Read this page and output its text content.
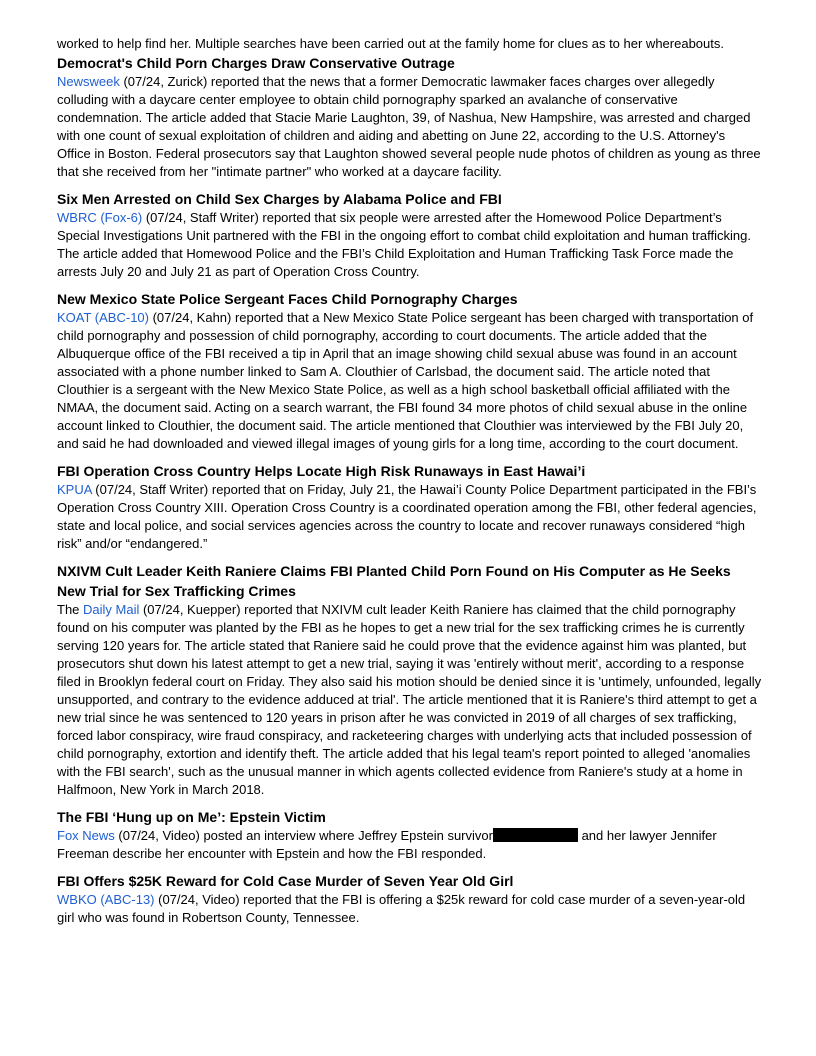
worked to help find her. Multiple searches have been carried out at the family home for clues as to her whereabouts.

Democrat's Child Porn Charges Draw Conservative Outrage

Newsweek (07/24, Zurick) reported that the news that a former Democratic lawmaker faces charges over allegedly colluding with a daycare center employee to obtain child pornography sparked an avalanche of conservative condemnation. The article added that Stacie Marie Laughton, 39, of Nashua, New Hampshire, was arrested and charged with one count of sexual exploitation of children and aiding and abetting on June 22, according to the U.S. Attorney's Office in Boston. Federal prosecutors say that Laughton showed several people nude photos of children as young as three that she received from her "intimate partner" who worked at a daycare facility.

Six Men Arrested on Child Sex Charges by Alabama Police and FBI

WBRC (Fox-6) (07/24, Staff Writer) reported that six people were arrested after the Homewood Police Department’s Special Investigations Unit partnered with the FBI in the ongoing effort to combat child exploitation and human trafficking. The article added that Homewood Police and the FBI’s Child Exploitation and Human Trafficking Task Force made the arrests July 20 and July 21 as part of Operation Cross Country.

New Mexico State Police Sergeant Faces Child Pornography Charges

KOAT (ABC-10) (07/24, Kahn) reported that a New Mexico State Police sergeant has been charged with transportation of child pornography and possession of child pornography, according to court documents. The article added that the Albuquerque office of the FBI received a tip in April that an image showing child sexual abuse was found in an account associated with a phone number linked to Sam A. Clouthier of Carlsbad, the document said. The article noted that Clouthier is a sergeant with the New Mexico State Police, as well as a high school basketball official affiliated with the NMAA, the document said. Acting on a search warrant, the FBI found 34 more photos of child sexual abuse in the online account linked to Clouthier, the document said. The article mentioned that Clouthier was interviewed by the FBI July 20, and said he had downloaded and viewed illegal images of young girls for a long time, according to the court document.

FBI Operation Cross Country Helps Locate High Risk Runaways in East Hawai’i

KPUA (07/24, Staff Writer) reported that on Friday, July 21, the Hawai’i County Police Department participated in the FBI’s Operation Cross Country XIII. Operation Cross Country is a coordinated operation among the FBI, other federal agencies, state and local police, and social services agencies across the country to locate and recover runaways considered “high risk” and/or “endangered.”

NXIVM Cult Leader Keith Raniere Claims FBI Planted Child Porn Found on His Computer as He Seeks New Trial for Sex Trafficking Crimes

The Daily Mail (07/24, Kuepper) reported that NXIVM cult leader Keith Raniere has claimed that the child pornography found on his computer was planted by the FBI as he hopes to get a new trial for the sex trafficking crimes he is currently serving 120 years for. The article stated that Raniere said he could prove that the evidence against him was planted, but prosecutors shut down his latest attempt to get a new trial, saying it was 'entirely without merit', according to a response filed in Brooklyn federal court on Friday. They also said his motion should be denied since it is 'untimely, unfounded, legally unsupported, and contrary to the evidence adduced at trial'. The article mentioned that it is Raniere's third attempt to get a new trial since he was sentenced to 120 years in prison after he was convicted in 2019 of all charges of sex trafficking, forced labor conspiracy, wire fraud conspiracy, and racketeering charges with underlying acts that included possession of child pornography, extortion and identify theft. The article added that his legal team's report pointed to alleged 'anomalies with the FBI search', such as the unusual manner in which agents collected evidence from Raniere's study at a home in Halfmoon, New York in March 2018.

The FBI ‘Hung up on Me’: Epstein Victim

Fox News (07/24, Video) posted an interview where Jeffrey Epstein survivor	and her lawyer Jennifer Freeman describe her encounter with Epstein and how the FBI responded.

FBI Offers $25K Reward for Cold Case Murder of Seven Year Old Girl

WBKO (ABC-13) (07/24, Video) reported that the FBI is offering a $25k reward for cold case murder of a seven-year-old girl who was found in Robertson County, Tennessee.
